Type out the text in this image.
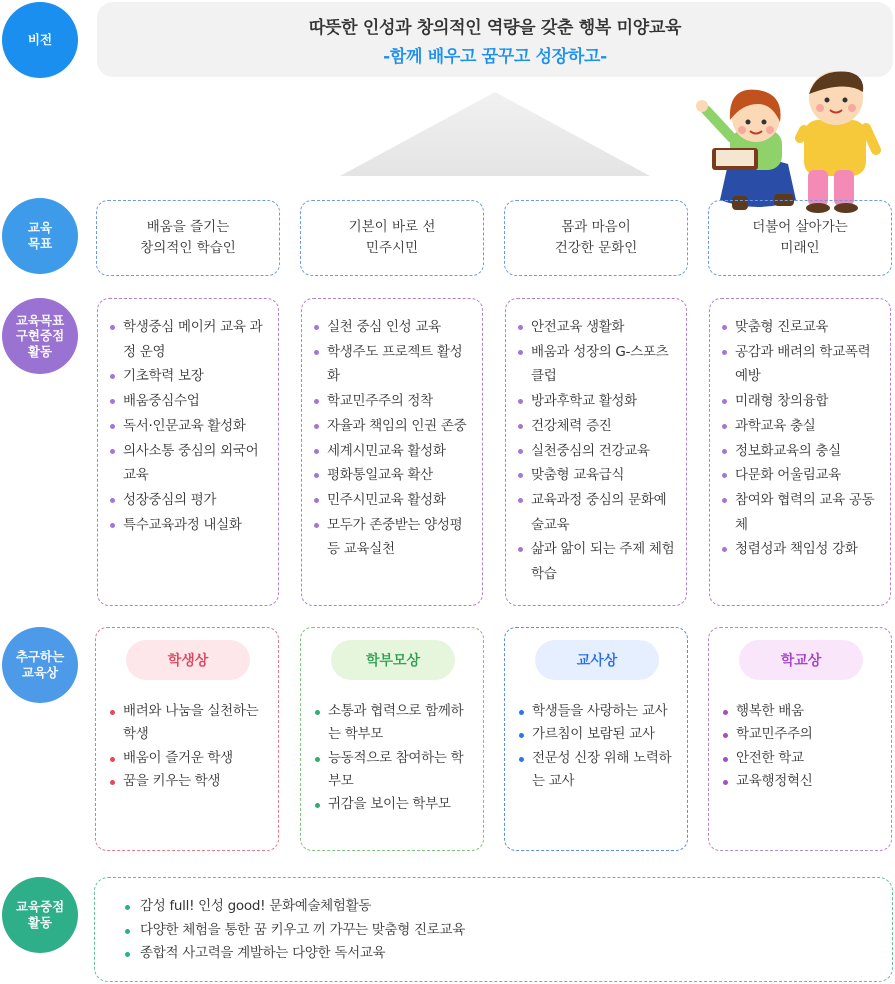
비전
교육
목표
교육목표
구현중점
활동
추구하는
교육상
교육중점
활동
따뜻한 인성과 창의적인 역량을 갖춘 행복 미양교육
-함께 배우고 꿈꾸고 성장하고-
배움을 즐기는
창의적인 학습인
기본이 바로 선
민주시민
몸과 마음이
건강한 문화인
더불어 살아가는
미래인
학생중심 메이커 교육 과정 운영
기초학력 보장
배움중심수업
독서·인문교육 활성화
의사소통 중심의 외국어 교육
성장중심의 평가
특수교육과정 내실화
실천 중심 인성 교육
학생주도 프로젝트 활성화
학교민주주의 정착
자율과 책임의 인권 존중
세계시민교육 활성화
평화통일교육 확산
민주시민교육 활성화
모두가 존중받는 양성평등 교육실천
안전교육 생활화
배움과 성장의 G-스포츠클럽
방과후학교 활성화
건강체력 증진
실천중심의 건강교육
맞춤형 교육급식
교육과정 중심의 문화예술교육
삶과 앎이 되는 주제 체험학습
맞춤형 진로교육
공감과 배려의 학교폭력 예방
미래형 창의융합
과학교육 충실
정보화교육의 충실
다문화 어울림교육
참여와 협력의 교육 공동체
청렴성과 책임성 강화
학생상
배려와 나눔을 실천하는 학생
배움이 즐거운 학생
꿈을 키우는 학생
학부모상
소통과 협력으로 함께하는 학부모
능동적으로 참여하는 학부모
귀감을 보이는 학부모
교사상
학생들을 사랑하는 교사
가르침이 보람된 교사
전문성 신장 위해 노력하는 교사
학교상
행복한 배움
학교민주주의
안전한 학교
교육행정혁신
감성 full! 인성 good! 문화예술체험활동
다양한 체험을 통한 꿈 키우고 끼 가꾸는 맞춤형 진로교육
종합적 사고력을 계발하는 다양한 독서교육
